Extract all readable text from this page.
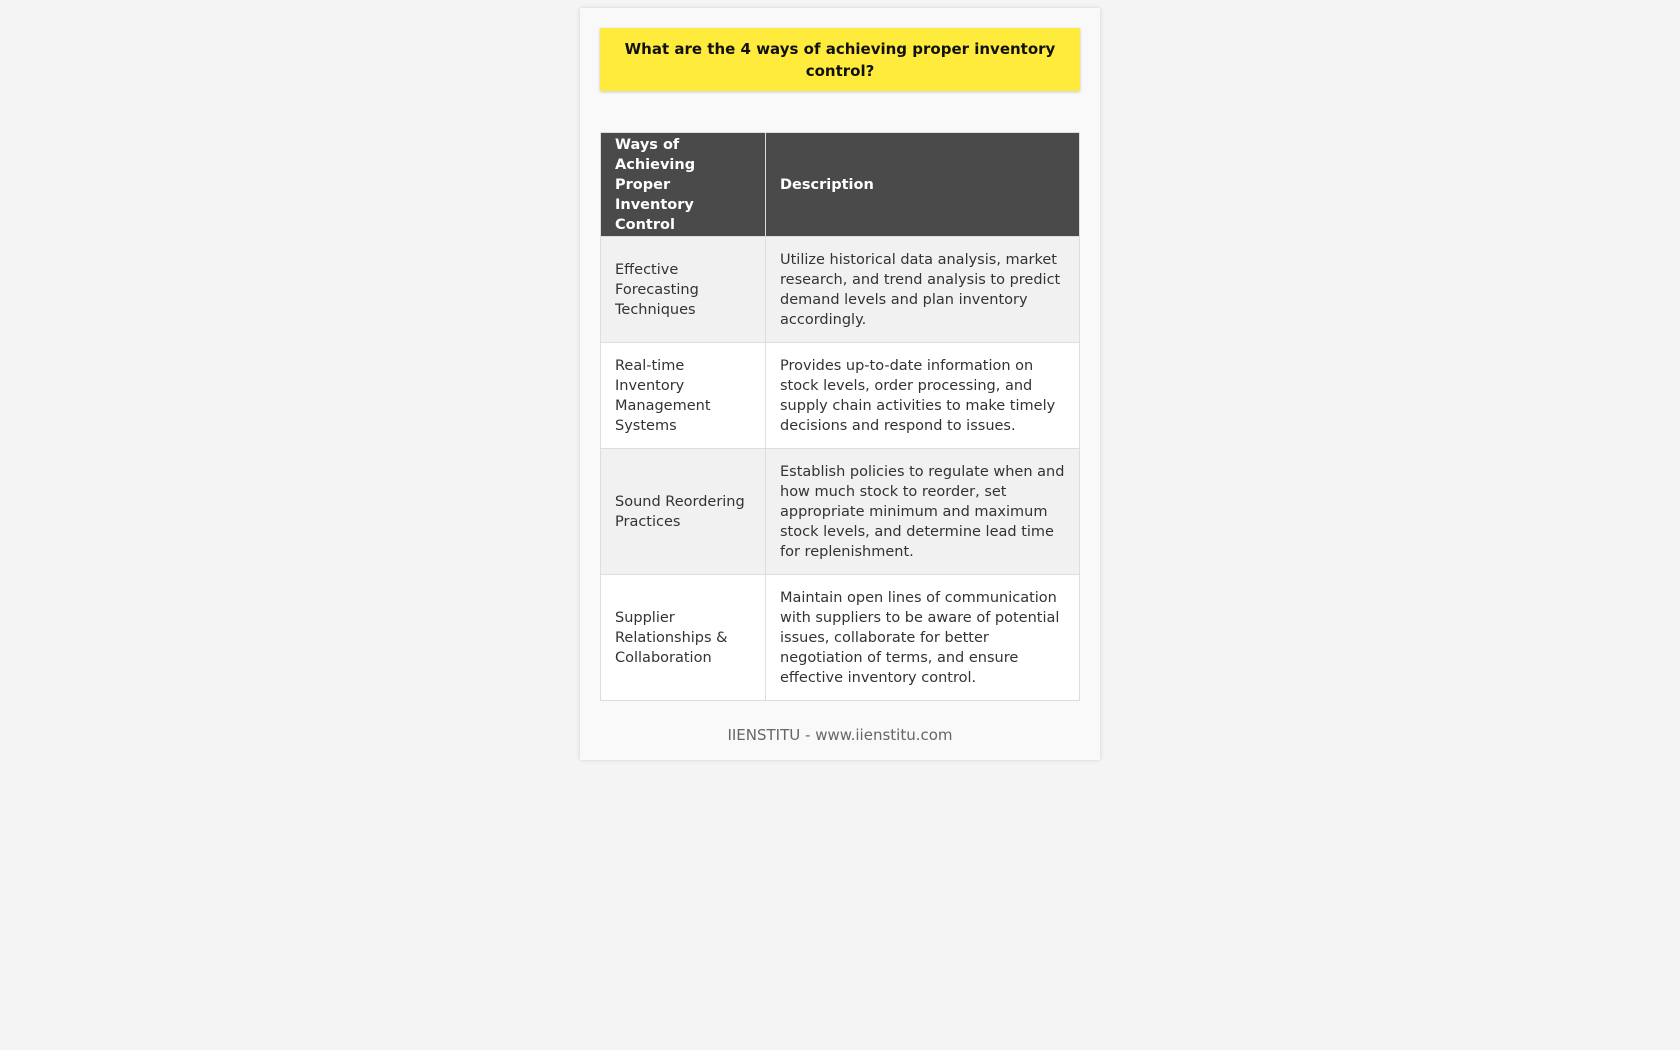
What are the 4 ways of achieving proper inventory control?
Ways of Achieving Proper Inventory Control	Description
Effective Forecasting Techniques	Utilize historical data analysis, market research, and trend analysis to predict demand levels and plan inventory accordingly.
Real-time Inventory Management Systems	Provides up-to-date information on stock levels, order processing, and supply chain activities to make timely decisions and respond to issues.
Sound Reordering Practices	Establish policies to regulate when and how much stock to reorder, set appropriate minimum and maximum stock levels, and determine lead time for replenishment.
Supplier Relationships & Collaboration	Maintain open lines of communication with suppliers to be aware of potential issues, collaborate for better negotiation of terms, and ensure effective inventory control.
IIENSTITU - www.iienstitu.com
